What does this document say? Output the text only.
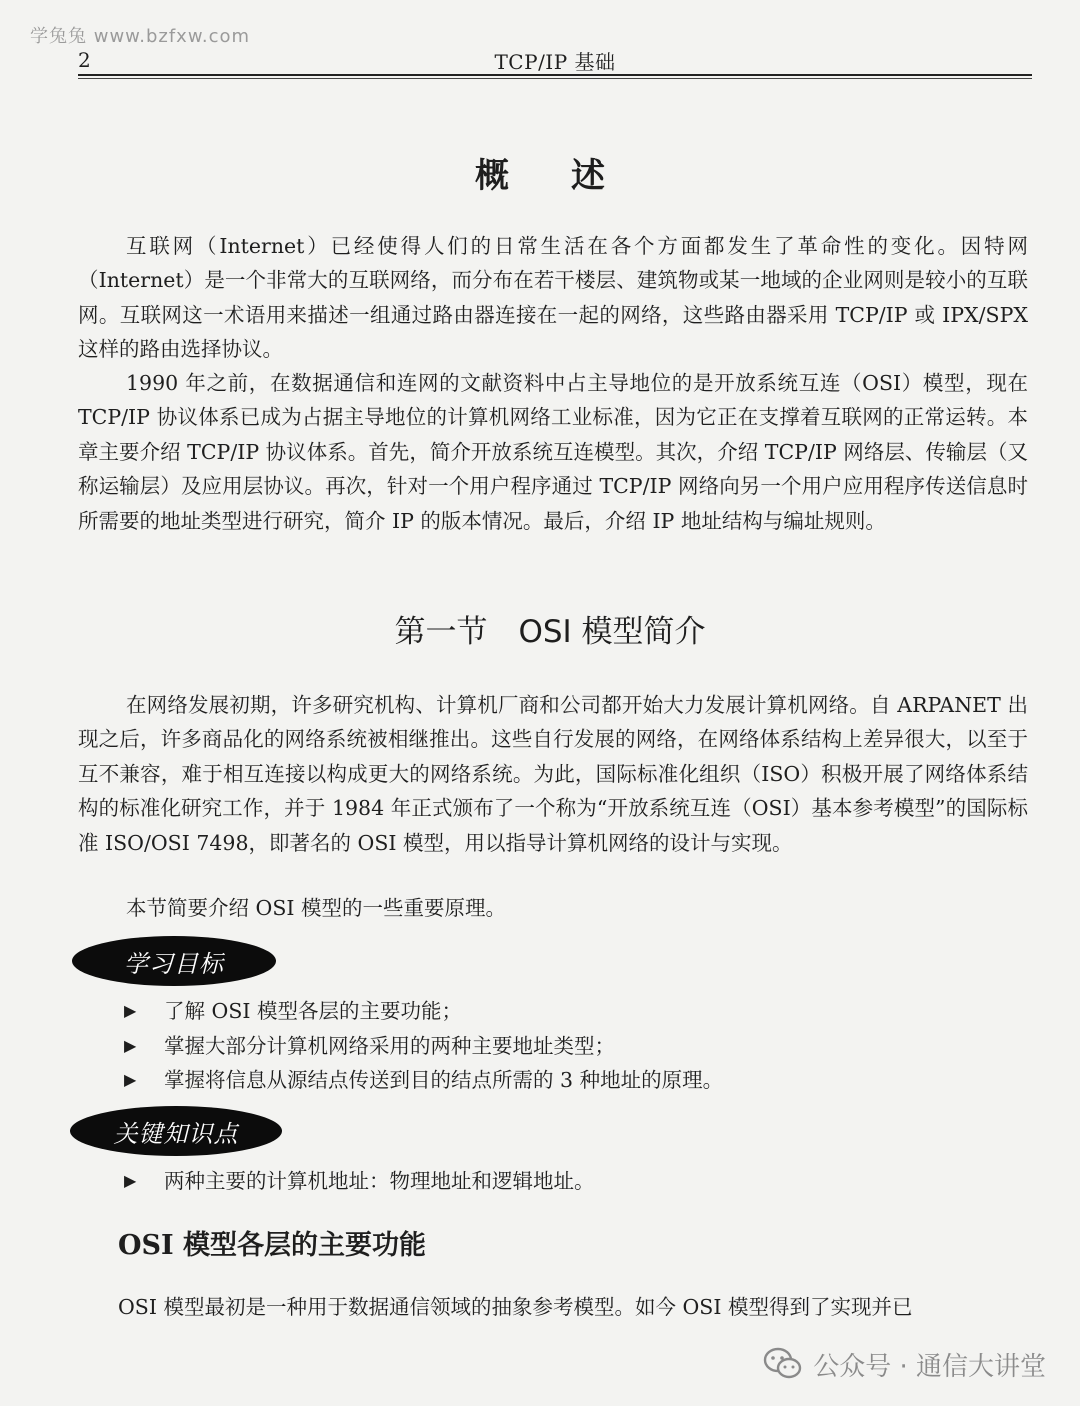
学兔兔 www.bzfxw.com
2	TCP/IP 基础
概述

互联网（Internet）已经使得人们的日常生活在各个方面都发生了革命性的变化。因特网（Internet）是一个非常大的互联网络，而分布在若干楼层、建筑物或某一地域的企业网则是较小的互联网。互联网这一术语用来描述一组通过路由器连接在一起的网络，这些路由器采用 TCP/IP 或 IPX/SPX 这样的路由选择协议。

1990 年之前，在数据通信和连网的文献资料中占主导地位的是开放系统互连（OSI）模型，现在 TCP/IP 协议体系已成为占据主导地位的计算机网络工业标准，因为它正在支撑着互联网的正常运转。本章主要介绍 TCP/IP 协议体系。首先，简介开放系统互连模型。其次，介绍 TCP/IP 网络层、传输层（又称运输层）及应用层协议。再次，针对一个用户程序通过 TCP/IP 网络向另一个用户应用程序传送信息时所需要的地址类型进行研究，简介 IP 的版本情况。最后，介绍 IP 地址结构与编址规则。

第一节　OSI 模型简介

在网络发展初期，许多研究机构、计算机厂商和公司都开始大力发展计算机网络。自 ARPANET 出现之后，许多商品化的网络系统被相继推出。这些自行发展的网络，在网络体系结构上差异很大，以至于互不兼容，难于相互连接以构成更大的网络系统。为此，国际标准化组织（ISO）积极开展了网络体系结构的标准化研究工作，并于 1984 年正式颁布了一个称为“开放系统互连（OSI）基本参考模型”的国际标准 ISO/OSI 7498，即著名的 OSI 模型，用以指导计算机网络的设计与实现。

本节简要介绍 OSI 模型的一些重要原理。

学习目标
▶	了解 OSI 模型各层的主要功能；
▶	掌握大部分计算机网络采用的两种主要地址类型；
▶	掌握将信息从源结点传送到目的结点所需的 3 种地址的原理。
关键知识点
▶	两种主要的计算机地址：物理地址和逻辑地址。
OSI 模型各层的主要功能

OSI 模型最初是一种用于数据通信领域的抽象参考模型。如今 OSI 模型得到了实现并已

公众号 · 通信大讲堂
